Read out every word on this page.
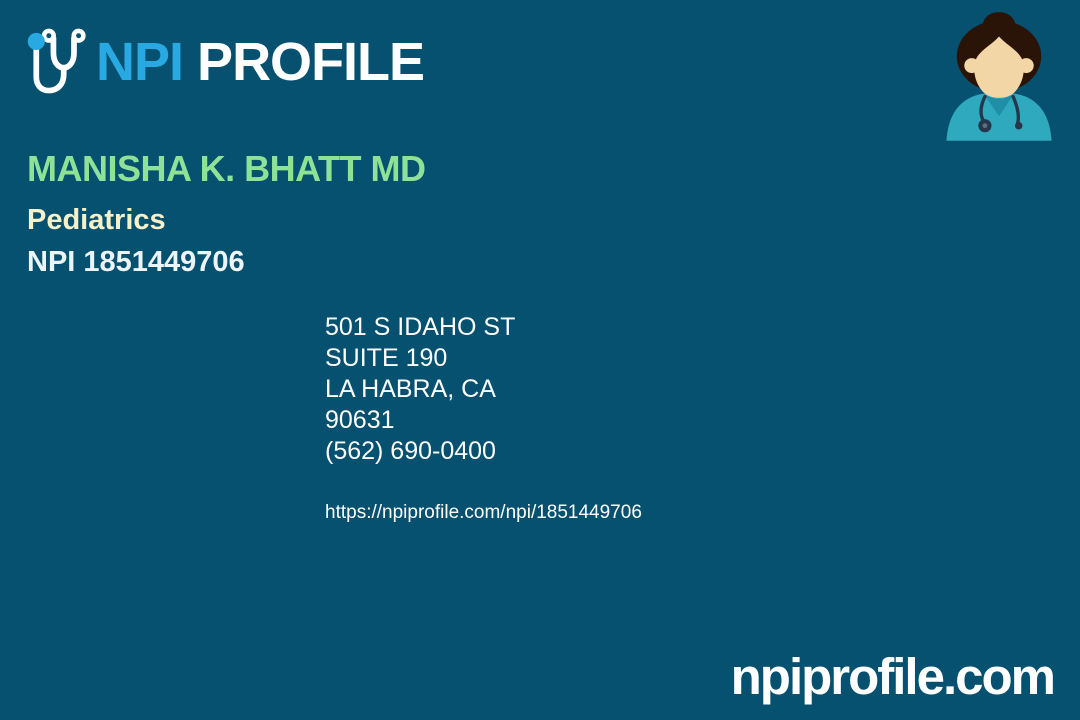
NPI PROFILE
MANISHA K. BHATT MD
Pediatrics
NPI 1851449706
501 S IDAHO ST
SUITE 190
LA HABRA, CA
90631
(562) 690-0400
https://npiprofile.com/npi/1851449706
npiprofile.com
